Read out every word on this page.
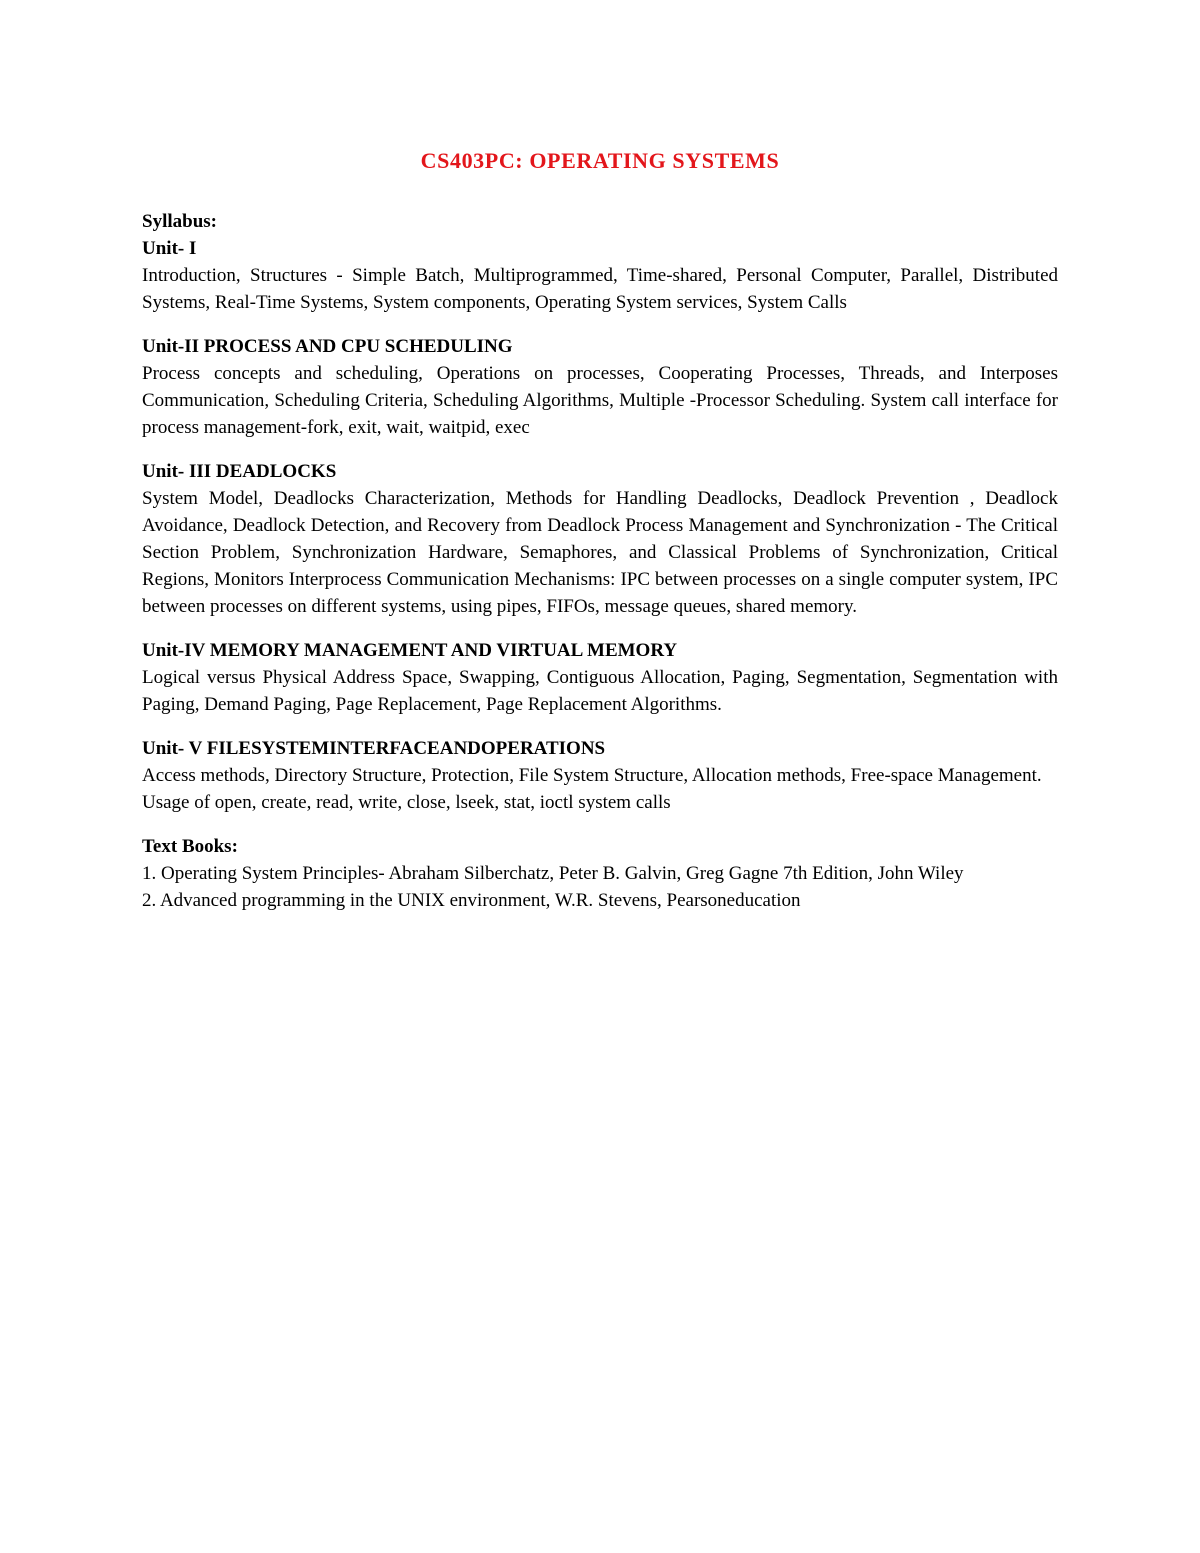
CS403PC: OPERATING SYSTEMS

Syllabus:

Unit- I

Introduction, Structures - Simple Batch, Multiprogrammed, Time-shared, Personal Computer, Parallel, Distributed Systems, Real-Time Systems, System components, Operating System services, System Calls

Unit-II PROCESS AND CPU SCHEDULING

Process concepts and scheduling, Operations on processes, Cooperating Processes, Threads, and Interposes Communication, Scheduling Criteria, Scheduling Algorithms, Multiple -Processor Scheduling. System call interface for process management-fork, exit, wait, waitpid, exec

Unit- III DEADLOCKS

System Model, Deadlocks Characterization, Methods for Handling Deadlocks, Deadlock Prevention , Deadlock Avoidance, Deadlock Detection, and Recovery from Deadlock Process Management and Synchronization - The Critical Section Problem, Synchronization Hardware, Semaphores, and Classical Problems of Synchronization, Critical Regions, Monitors Interprocess Communication Mechanisms: IPC between processes on a single computer system, IPC between processes on different systems, using pipes, FIFOs, message queues, shared memory.

Unit-IV MEMORY MANAGEMENT AND VIRTUAL MEMORY

Logical versus Physical Address Space, Swapping, Contiguous Allocation, Paging, Segmentation, Segmentation with Paging, Demand Paging, Page Replacement, Page Replacement Algorithms.

Unit- V FILESYSTEMINTERFACEANDOPERATIONS

Access methods, Directory Structure, Protection, File System Structure, Allocation methods, Free-space Management. Usage of open, create, read, write, close, lseek, stat, ioctl system calls

Text Books:

1. Operating System Principles- Abraham Silberchatz, Peter B. Galvin, Greg Gagne 7th Edition, John Wiley

2. Advanced programming in the UNIX environment, W.R. Stevens, Pearsoneducation
